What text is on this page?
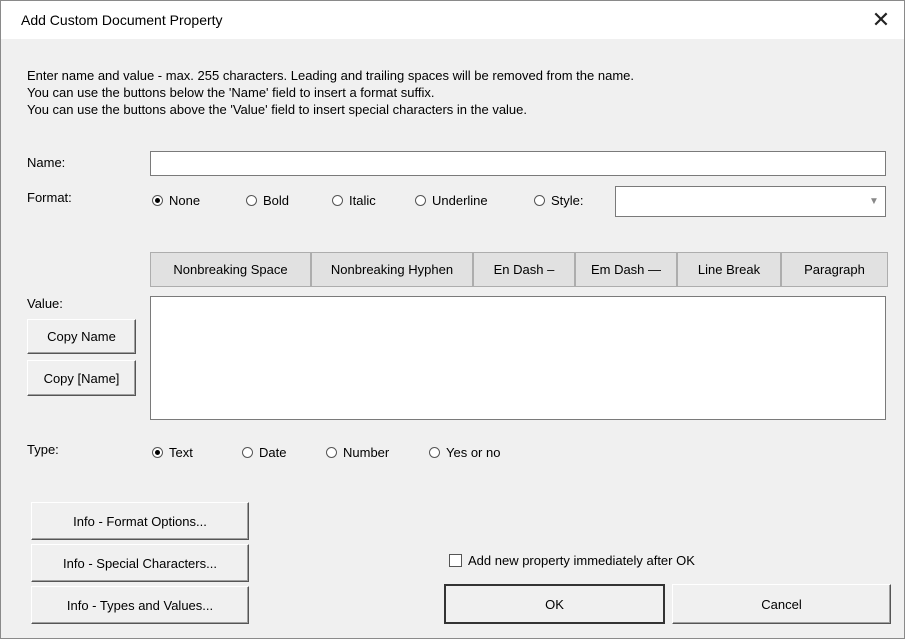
Add Custom Document Property	✕
Enter name and value - max. 255 characters. Leading and trailing spaces will be removed from the name.
You can use the buttons below the 'Name' field to insert a format suffix.
You can use the buttons above the 'Value' field to insert special characters in the value.
Name:
Format:	None	Bold	Italic	Underline	Style:	▼
Nonbreaking Space	Nonbreaking Hyphen	En Dash –	Em Dash —	Line Break	Paragraph
Value:
Copy Name
Copy [Name]
Type:	Text	Date	Number	Yes or no
Info - Format Options...
Info - Special Characters...
Info - Types and Values...
Add new property immediately after OK
OK	Cancel
